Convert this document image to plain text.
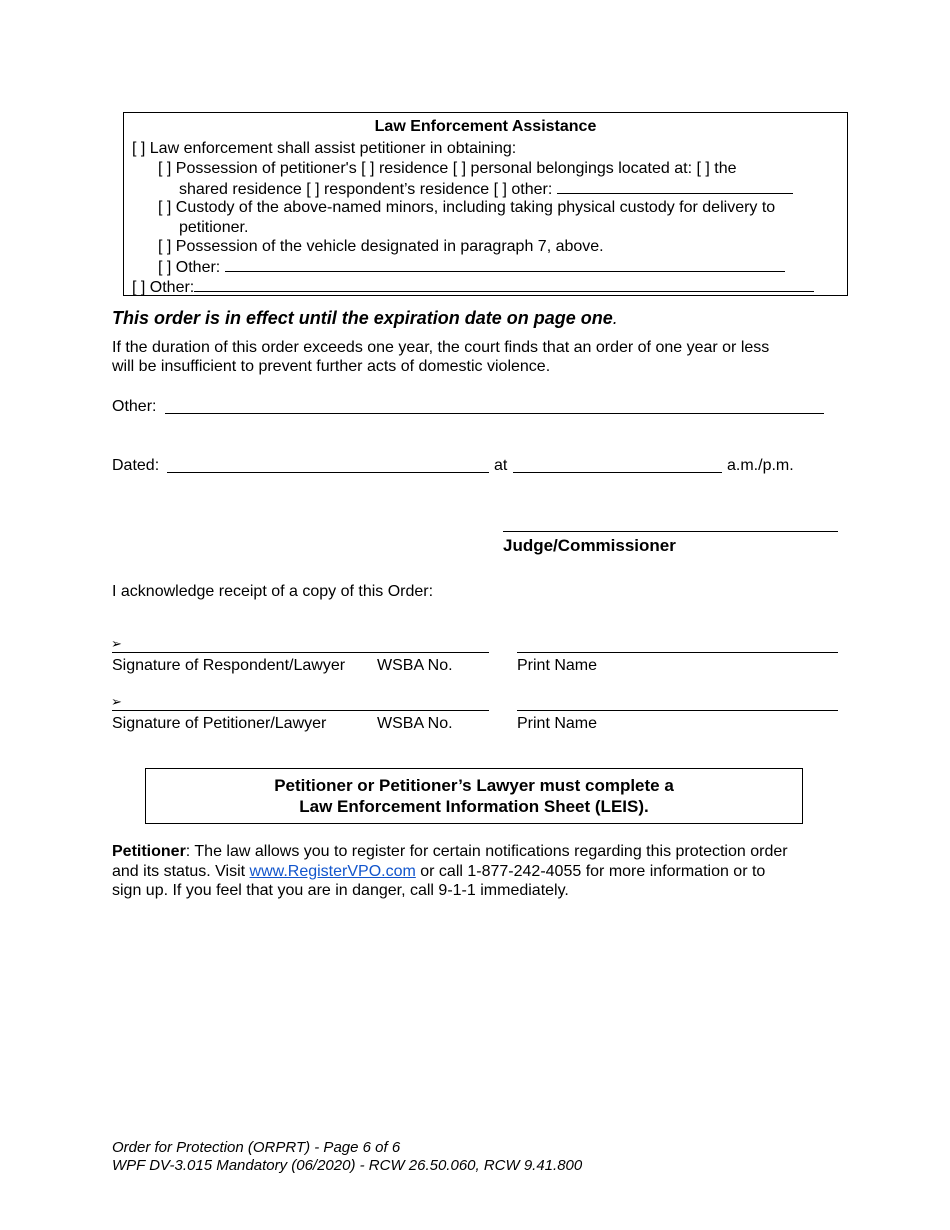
Law Enforcement Assistance
[ ] Law enforcement shall assist petitioner in obtaining:
[ ] Possession of petitioner's [ ] residence [ ] personal belongings located at: [ ] the
shared residence [ ] respondent’s residence [ ] other:
[ ] Custody of the above-named minors, including taking physical custody for delivery to
petitioner.
[ ] Possession of the vehicle designated in paragraph 7, above.
[ ] Other:
[ ] Other:
This order is in effect until the expiration date on page one.
If the duration of this order exceeds one year, the court finds that an order of one year or less
will be insufficient to prevent further acts of domestic violence.
Other:
Dated:	at	a.m./p.m.
Judge/Commissioner
I acknowledge receipt of a copy of this Order:
➢
Signature of Respondent/Lawyer WSBA No.	Print Name
➢
Signature of Petitioner/Lawyer	WSBA No.	Print Name
Petitioner or Petitioner’s Lawyer must complete a
Law Enforcement Information Sheet (LEIS).
Petitioner: The law allows you to register for certain notifications regarding this protection order
and its status. Visit www.RegisterVPO.com or call 1-877-242-4055 for more information or to
sign up. If you feel that you are in danger, call 9-1-1 immediately.
Order for Protection (ORPRT) - Page 6 of 6
WPF DV-3.015 Mandatory (06/2020) - RCW 26.50.060, RCW 9.41.800
